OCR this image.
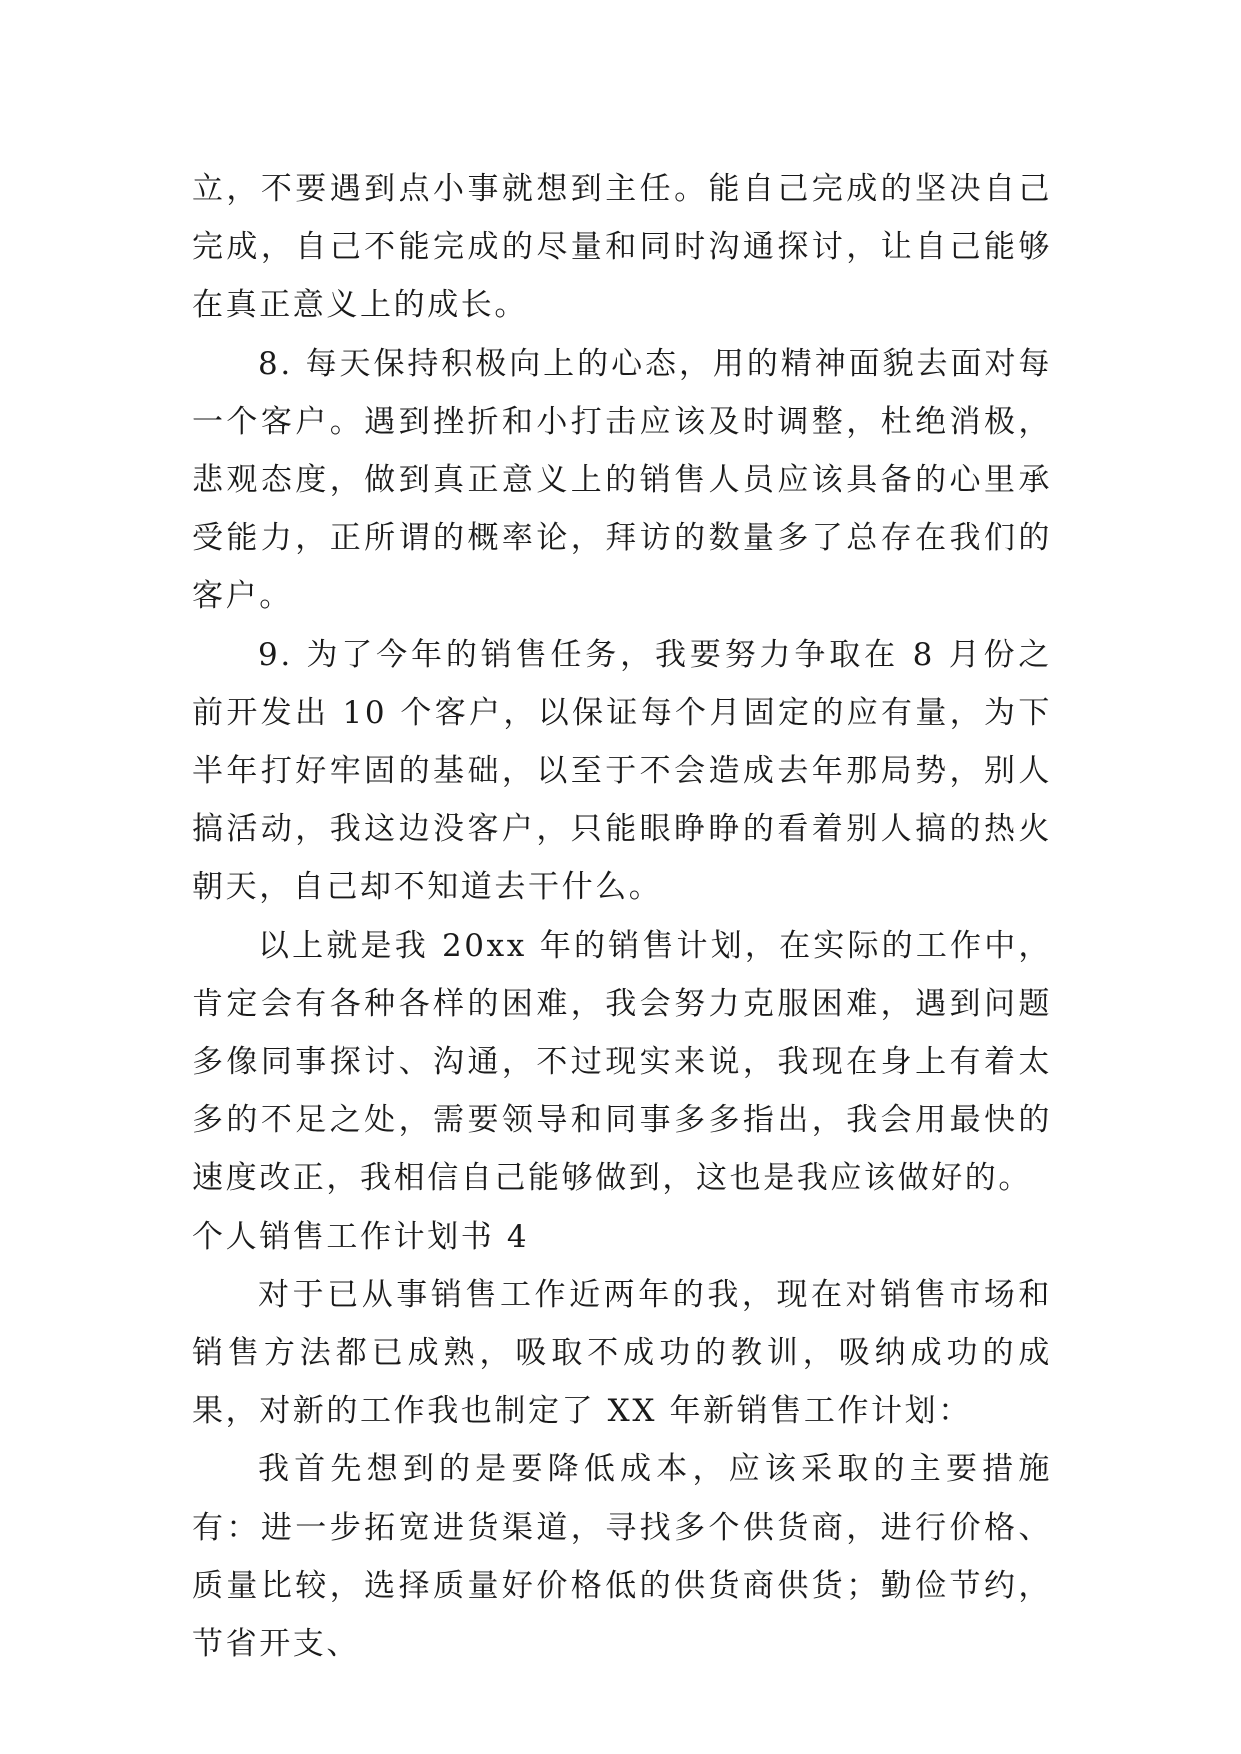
立，不要遇到点小事就想到主任。能自己完成的坚决自己完成，自己不能完成的尽量和同时沟通探讨，让自己能够在真正意义上的成长。

8. 每天保持积极向上的心态，用的精神面貌去面对每一个客户。遇到挫折和小打击应该及时调整，杜绝消极，悲观态度，做到真正意义上的销售人员应该具备的心里承受能力，正所谓的概率论，拜访的数量多了总存在我们的客户。

9. 为了今年的销售任务，我要努力争取在 8 月份之前开发出 10 个客户，以保证每个月固定的应有量，为下半年打好牢固的基础，以至于不会造成去年那局势，别人搞活动，我这边没客户，只能眼睁睁的看着别人搞的热火朝天，自己却不知道去干什么。

以上就是我 20xx 年的销售计划，在实际的工作中，肯定会有各种各样的困难，我会努力克服困难，遇到问题多像同事探讨、沟通，不过现实来说，我现在身上有着太多的不足之处，需要领导和同事多多指出，我会用最快的速度改正，我相信自己能够做到，这也是我应该做好的。

个人销售工作计划书 4

对于已从事销售工作近两年的我，现在对销售市场和销售方法都已成熟，吸取不成功的教训，吸纳成功的成果，对新的工作我也制定了 XX 年新销售工作计划：

我首先想到的是要降低成本，应该采取的主要措施有：进一步拓宽进货渠道，寻找多个供货商，进行价格、质量比较，选择质量好价格低的供货商供货；勤俭节约，节省开支、
